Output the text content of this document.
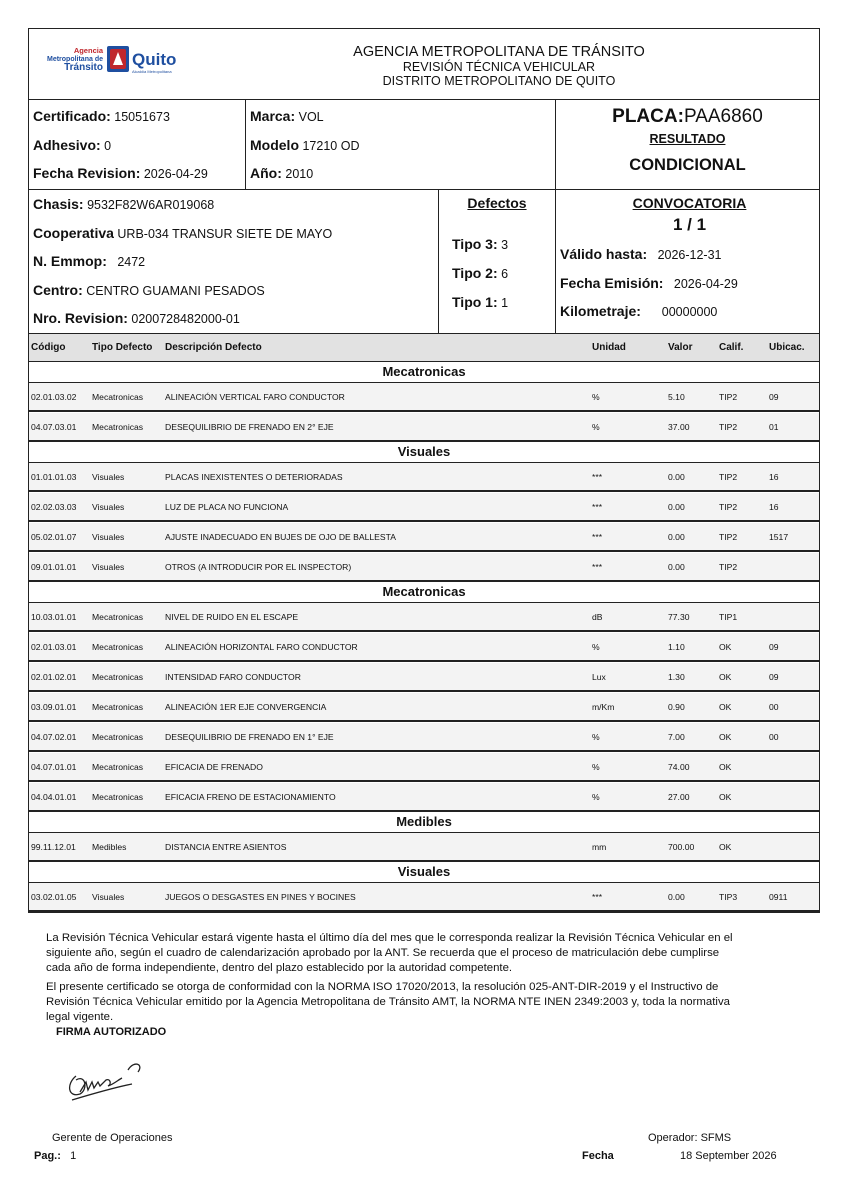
Agencia
Metropolitana de
Tránsito Quito
Alcaldía Metropolitana
AGENCIA METROPOLITANA DE TRÁNSITO
REVISIÓN TÉCNICA VEHICULAR
DISTRITO METROPOLITANO DE QUITO
Certificado: 15051673
Adhesivo: 0
Fecha Revision: 2026-04-29
Marca: VOL
Modelo 17210 OD
Año: 2010
PLACA:PAA6860
RESULTADO
CONDICIONAL
Chasis: 9532F82W6AR019068
Cooperativa URB-034 TRANSUR SIETE DE MAYO
N. Emmop: 2472
Centro: CENTRO GUAMANI PESADOS
Nro. Revision: 0200728482000-01
Defectos
Tipo 3: 3
Tipo 2: 6
Tipo 1: 1
CONVOCATORIA
1 / 1
Válido hasta: 2026-12-31
Fecha Emisión: 2026-04-29
Kilometraje: 00000000
Código	Tipo Defecto	Descripción Defecto	Unidad	Valor	Calif.	Ubicac.
Mecatronicas
02.01.03.02	Mecatronicas	ALINEACIÓN VERTICAL FARO CONDUCTOR	%	5.10	TIP2	09
04.07.03.01	Mecatronicas	DESEQUILIBRIO DE FRENADO EN 2° EJE	%	37.00	TIP2	01
Visuales
01.01.01.03	Visuales	PLACAS INEXISTENTES O DETERIORADAS	***	0.00	TIP2	16
02.02.03.03	Visuales	LUZ DE PLACA NO FUNCIONA	***	0.00	TIP2	16
05.02.01.07	Visuales	AJUSTE INADECUADO EN BUJES DE OJO DE BALLESTA	***	0.00	TIP2	1517
09.01.01.01	Visuales	OTROS (A INTRODUCIR POR EL INSPECTOR)	***	0.00	TIP2
Mecatronicas
10.03.01.01	Mecatronicas	NIVEL DE RUIDO EN EL ESCAPE	dB	77.30	TIP1
02.01.03.01	Mecatronicas	ALINEACIÓN HORIZONTAL FARO CONDUCTOR	%	1.10	OK	09
02.01.02.01	Mecatronicas	INTENSIDAD FARO CONDUCTOR	Lux	1.30	OK	09
03.09.01.01	Mecatronicas	ALINEACIÓN 1ER EJE CONVERGENCIA	m/Km	0.90	OK	00
04.07.02.01	Mecatronicas	DESEQUILIBRIO DE FRENADO EN 1° EJE	%	7.00	OK	00
04.07.01.01	Mecatronicas	EFICACIA DE FRENADO	%	74.00	OK
04.04.01.01	Mecatronicas	EFICACIA FRENO DE ESTACIONAMIENTO	%	27.00	OK
Medibles
99.11.12.01	Medibles	DISTANCIA ENTRE ASIENTOS	mm	700.00	OK
Visuales
03.02.01.05	Visuales	JUEGOS O DESGASTES EN PINES Y BOCINES	***	0.00	TIP3	0911
La Revisión Técnica Vehicular estará vigente hasta el último día del mes que le corresponda realizar la Revisión Técnica Vehicular en el siguiente año, según el cuadro de calendarización aprobado por la ANT. Se recuerda que el proceso de matriculación debe cumplirse cada año de forma independiente, dentro del plazo establecido por la autoridad competente.
El presente certificado se otorga de conformidad con la NORMA ISO 17020/2013, la resolución 025-ANT-DIR-2019 y el Instructivo de Revisión Técnica Vehicular emitido por la Agencia Metropolitana de Tránsito AMT, la NORMA NTE INEN 2349:2003 y, toda la normativa legal vigente.
FIRMA AUTORIZADO
Gerente de Operaciones	Operador: SFMS
Pag.: 1	Fecha	18 September 2026
